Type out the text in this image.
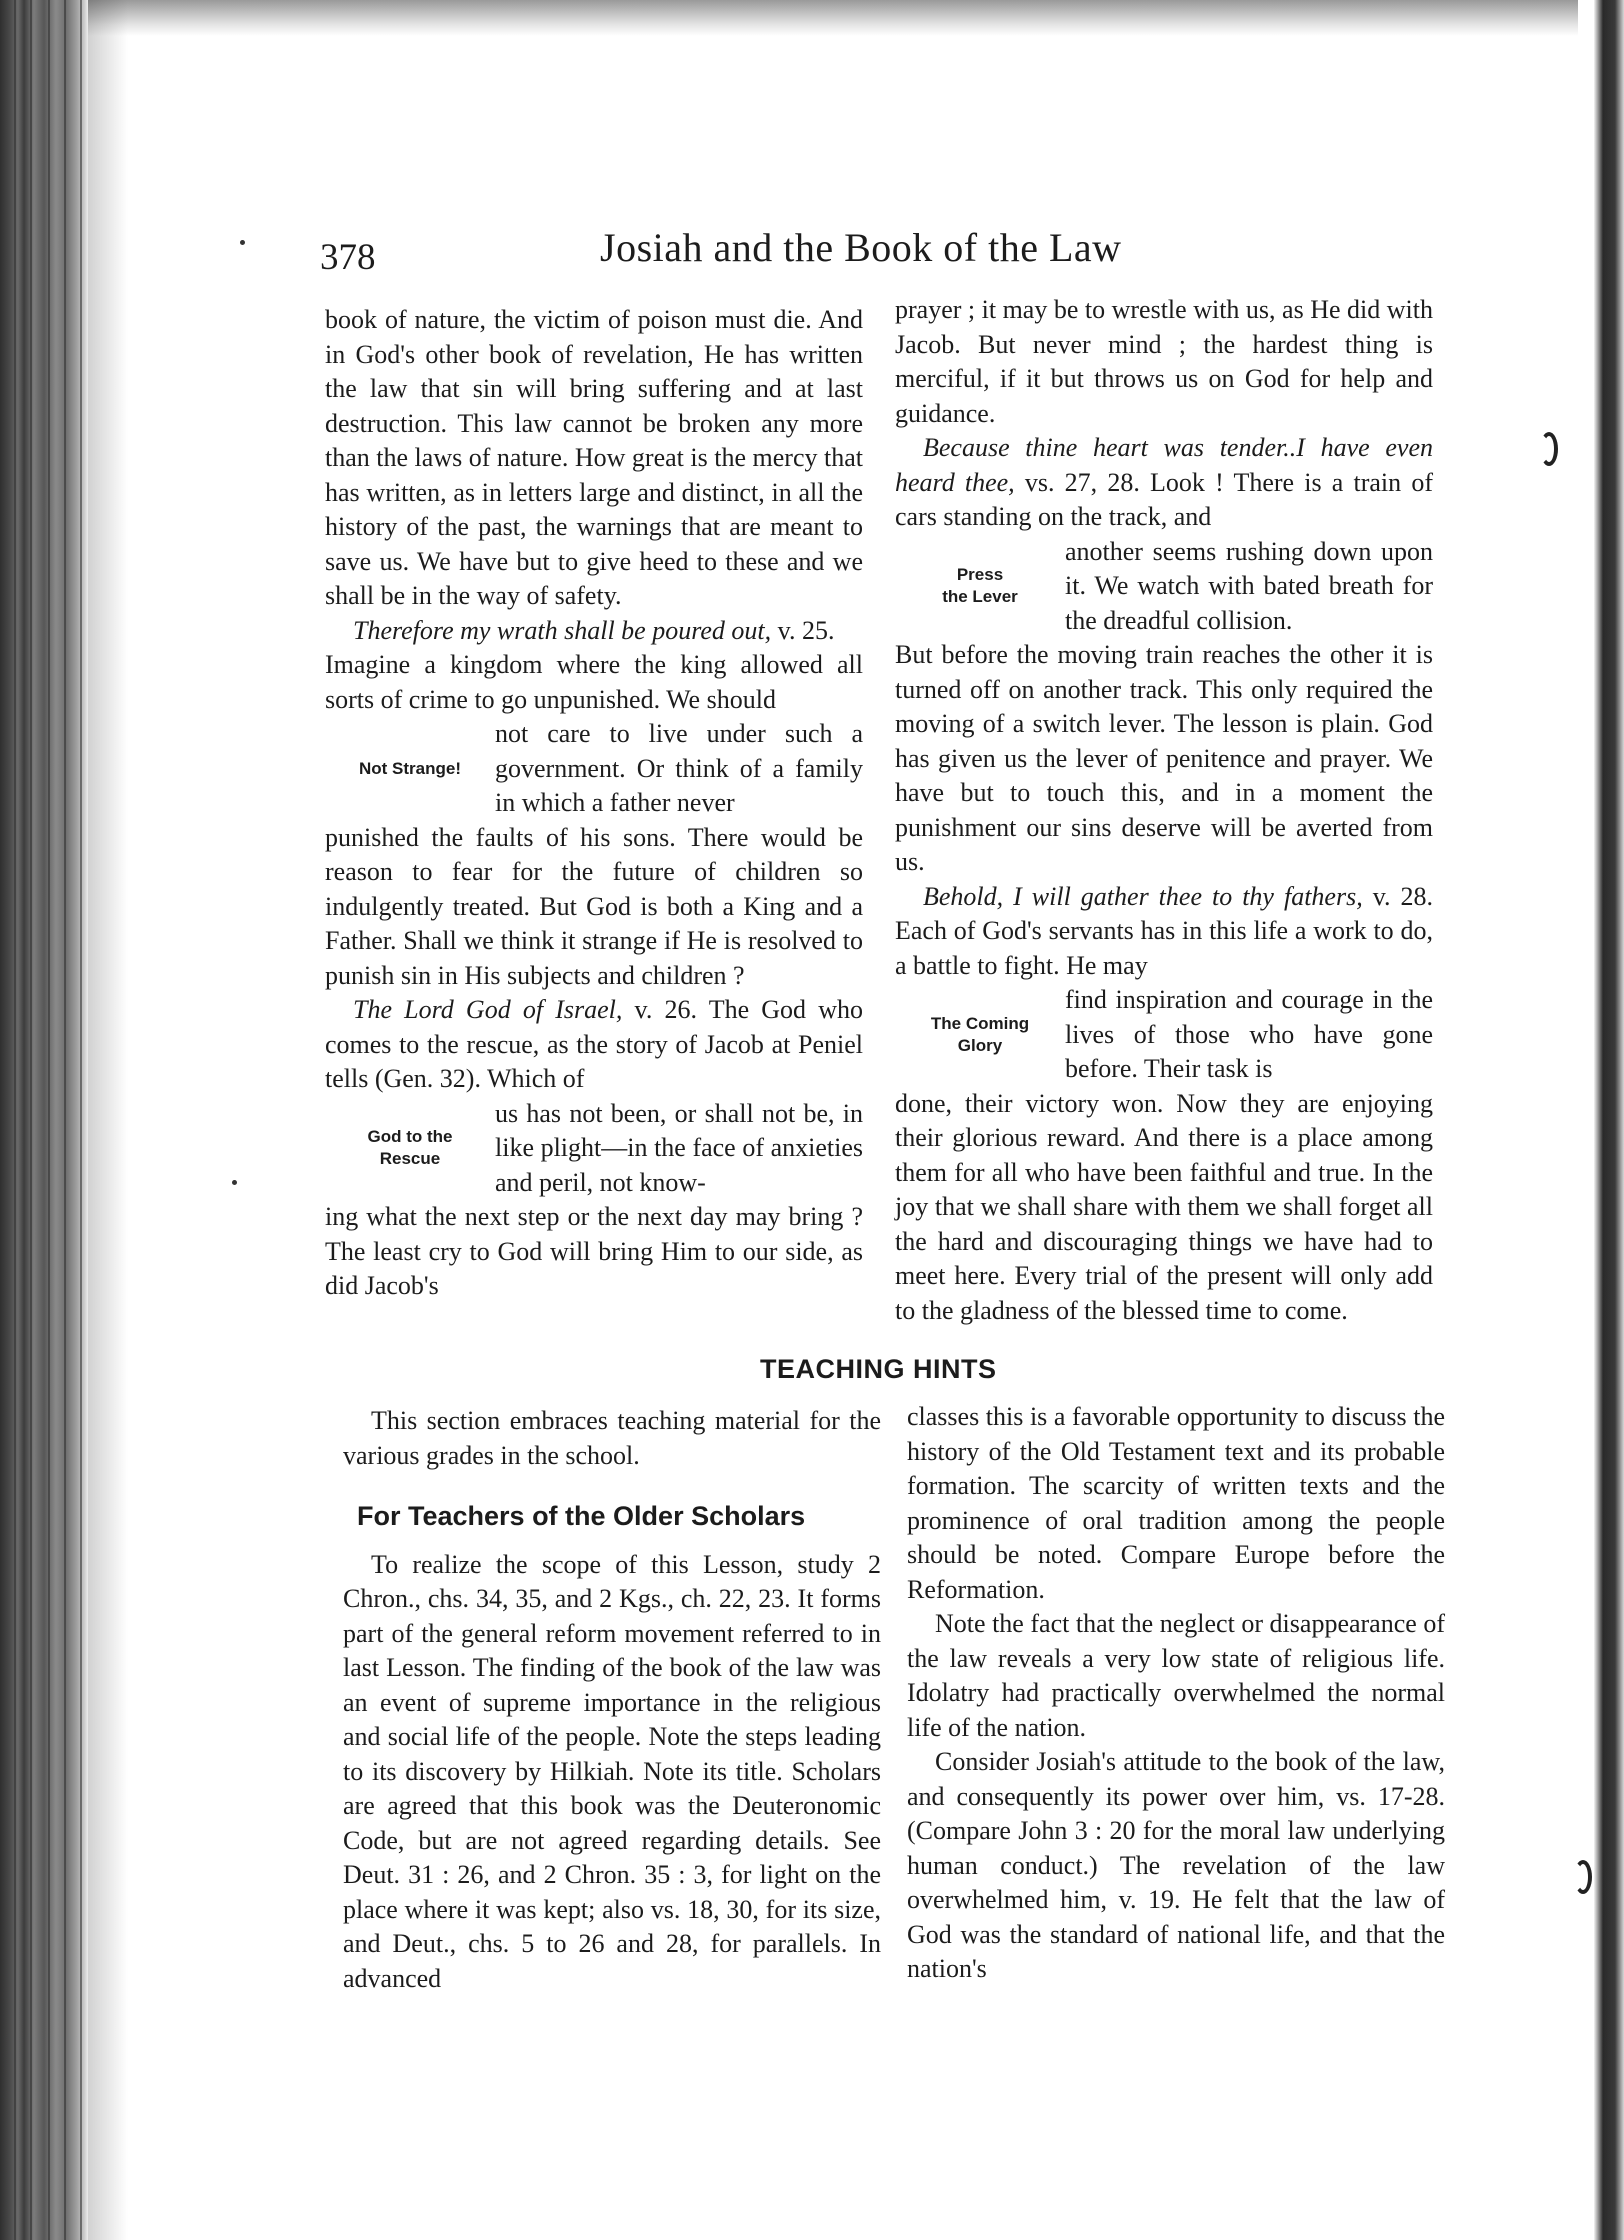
378	Josiah and the Book of the Law

book of nature, the victim of poison must die. And in God's other book of revelation, He has written the law that sin will bring suffering and at last destruction. This law cannot be broken any more than the laws of nature. How great is the mercy that has written, as in letters large and distinct, in all the history of the past, the warnings that are meant to save us. We have but to give heed to these and we shall be in the way of safety.

Therefore my wrath shall be poured out, v. 25.

Imagine a kingdom where the king allowed all sorts of crime to go unpunished. We should

Not Strange!
not care to live under such a government. Or think of a family in which a father never

punished the faults of his sons. There would be reason to fear for the future of children so indulgently treated. But God is both a King and a Father. Shall we think it strange if He is resolved to punish sin in His subjects and children ?

The Lord God of Israel, v. 26. The God who comes to the rescue, as the story of Jacob at Peniel tells (Gen. 32). Which of

God to the
Rescue
us has not been, or shall not be, in like plight—in the face of anxieties and peril, not know-

ing what the next step or the next day may bring ? The least cry to God will bring Him to our side, as did Jacob's

prayer ; it may be to wrestle with us, as He did with Jacob. But never mind ; the hardest thing is merciful, if it but throws us on God for help and guidance.

Because thine heart was tender..I have even heard thee, vs. 27, 28. Look ! There is a train of cars standing on the track, and

Press
the Lever
another seems rushing down upon it. We watch with bated breath for the dreadful collision.

But before the moving train reaches the other it is turned off on another track. This only required the moving of a switch lever. The lesson is plain. God has given us the lever of penitence and prayer. We have but to touch this, and in a moment the punishment our sins deserve will be averted from us.

Behold, I will gather thee to thy fathers, v. 28. Each of God's servants has in this life a work to do, a battle to fight. He may

The Coming
Glory
find inspiration and courage in the lives of those who have gone before. Their task is

done, their victory won. Now they are enjoying their glorious reward. And there is a place among them for all who have been faithful and true. In the joy that we shall share with them we shall forget all the hard and discouraging things we have had to meet here. Every trial of the present will only add to the gladness of the blessed time to come.

TEACHING HINTS

This section embraces teaching material for the various grades in the school.

For Teachers of the Older Scholars

To realize the scope of this Lesson, study 2 Chron., chs. 34, 35, and 2 Kgs., ch. 22, 23. It forms part of the general reform movement referred to in last Lesson. The finding of the book of the law was an event of supreme importance in the religious and social life of the people. Note the steps leading to its discovery by Hilkiah. Note its title. Scholars are agreed that this book was the Deuteronomic Code, but are not agreed regarding details. See Deut. 31 : 26, and 2 Chron. 35 : 3, for light on the place where it was kept; also vs. 18, 30, for its size, and Deut., chs. 5 to 26 and 28, for parallels. In advanced

classes this is a favorable opportunity to discuss the history of the Old Testament text and its probable formation. The scarcity of written texts and the prominence of oral tradition among the people should be noted. Compare Europe before the Reformation.

Note the fact that the neglect or disappearance of the law reveals a very low state of religious life. Idolatry had practically overwhelmed the normal life of the nation.

Consider Josiah's attitude to the book of the law, and consequently its power over him, vs. 17-28. (Compare John 3 : 20 for the moral law underlying human conduct.) The revelation of the law overwhelmed him, v. 19. He felt that the law of God was the standard of national life, and that the nation's
